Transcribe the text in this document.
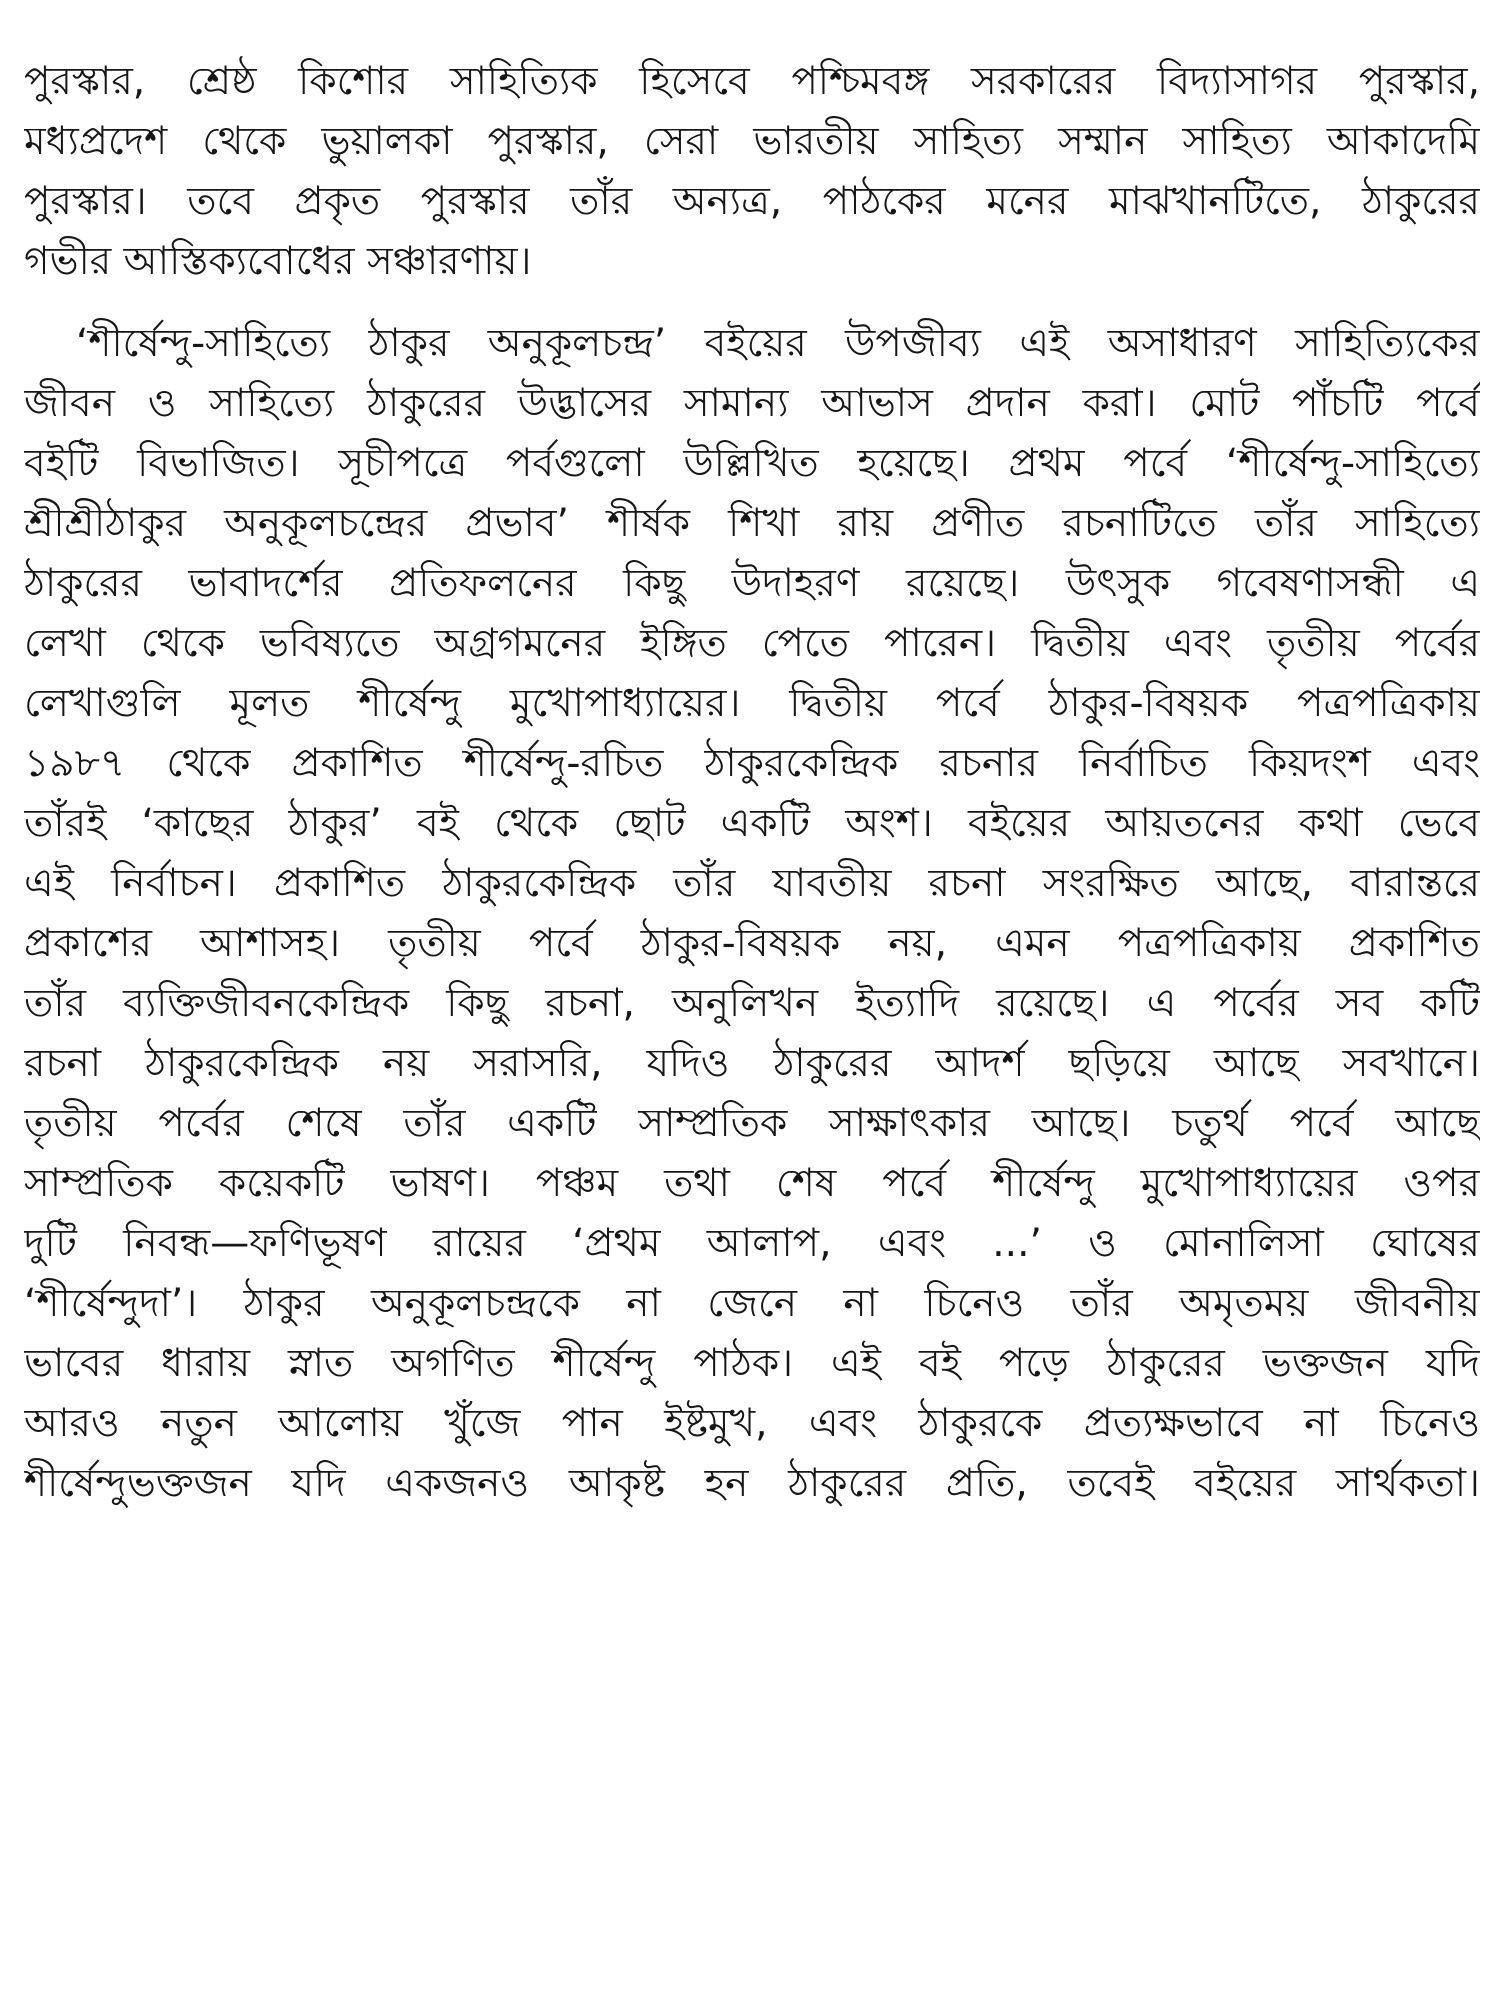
পুরস্কার, শ্রেষ্ঠ কিশোর সাহিত্যিক হিসেবে পশ্চিমবঙ্গ সরকারের বিদ্যাসাগর পুরস্কার,
মধ্যপ্রদেশ থেকে ভুয়ালকা পুরস্কার, সেরা ভারতীয় সাহিত্য সম্মান সাহিত্য আকাদেমি
পুরস্কার। তবে প্রকৃত পুরস্কার তাঁর অন্যত্র, পাঠকের মনের মাঝখানটিতে, ঠাকুরের
গভীর আস্তিক্যবোধের সঞ্চারণায়।
‘শীর্ষেন্দু-সাহিত্যে ঠাকুর অনুকূলচন্দ্র’ বইয়ের উপজীব্য এই অসাধারণ সাহিত্যিকের
জীবন ও সাহিত্যে ঠাকুরের উদ্ভাসের সামান্য আভাস প্রদান করা। মোট পাঁচটি পর্বে
বইটি বিভাজিত। সূচীপত্রে পর্বগুলো উল্লিখিত হয়েছে। প্রথম পর্বে ‘শীর্ষেন্দু-সাহিত্যে
শ্রীশ্রীঠাকুর অনুকূলচন্দ্রের প্রভাব’ শীর্ষক শিখা রায় প্রণীত রচনাটিতে তাঁর সাহিত্যে
ঠাকুরের ভাবাদর্শের প্রতিফলনের কিছু উদাহরণ রয়েছে। উৎসুক গবেষণাসন্ধী এ
লেখা থেকে ভবিষ্যতে অগ্রগমনের ইঙ্গিত পেতে পারেন। দ্বিতীয় এবং তৃতীয় পর্বের
লেখাগুলি মূলত শীর্ষেন্দু মুখোপাধ্যায়ের। দ্বিতীয় পর্বে ঠাকুর-বিষয়ক পত্রপত্রিকায়
১৯৮৭ থেকে প্রকাশিত শীর্ষেন্দু-রচিত ঠাকুরকেন্দ্রিক রচনার নির্বাচিত কিয়দংশ এবং
তাঁরই ‘কাছের ঠাকুর’ বই থেকে ছোট একটি অংশ। বইয়ের আয়তনের কথা ভেবে
এই নির্বাচন। প্রকাশিত ঠাকুরকেন্দ্রিক তাঁর যাবতীয় রচনা সংরক্ষিত আছে, বারান্তরে
প্রকাশের আশাসহ। তৃতীয় পর্বে ঠাকুর-বিষয়ক নয়, এমন পত্রপত্রিকায় প্রকাশিত
তাঁর ব্যক্তিজীবনকেন্দ্রিক কিছু রচনা, অনুলিখন ইত্যাদি রয়েছে। এ পর্বের সব কটি
রচনা ঠাকুরকেন্দ্রিক নয় সরাসরি, যদিও ঠাকুরের আদর্শ ছড়িয়ে আছে সবখানে।
তৃতীয় পর্বের শেষে তাঁর একটি সাম্প্রতিক সাক্ষাৎকার আছে। চতুর্থ পর্বে আছে
সাম্প্রতিক কয়েকটি ভাষণ। পঞ্চম তথা শেষ পর্বে শীর্ষেন্দু মুখোপাধ্যায়ের ওপর
দুটি নিবন্ধ—ফণিভূষণ রায়ের ‘প্রথম আলাপ, এবং ...’ ও মোনালিসা ঘোষের
‘শীর্ষেন্দুদা’। ঠাকুর অনুকূলচন্দ্রকে না জেনে না চিনেও তাঁর অমৃতময় জীবনীয়
ভাবের ধারায় স্নাত অগণিত শীর্ষেন্দু পাঠক। এই বই পড়ে ঠাকুরের ভক্তজন যদি
আরও নতুন আলোয় খুঁজে পান ইষ্টমুখ, এবং ঠাকুরকে প্রত্যক্ষভাবে না চিনেও
শীর্ষেন্দুভক্তজন যদি একজনও আকৃষ্ট হন ঠাকুরের প্রতি, তবেই বইয়ের সার্থকতা।
